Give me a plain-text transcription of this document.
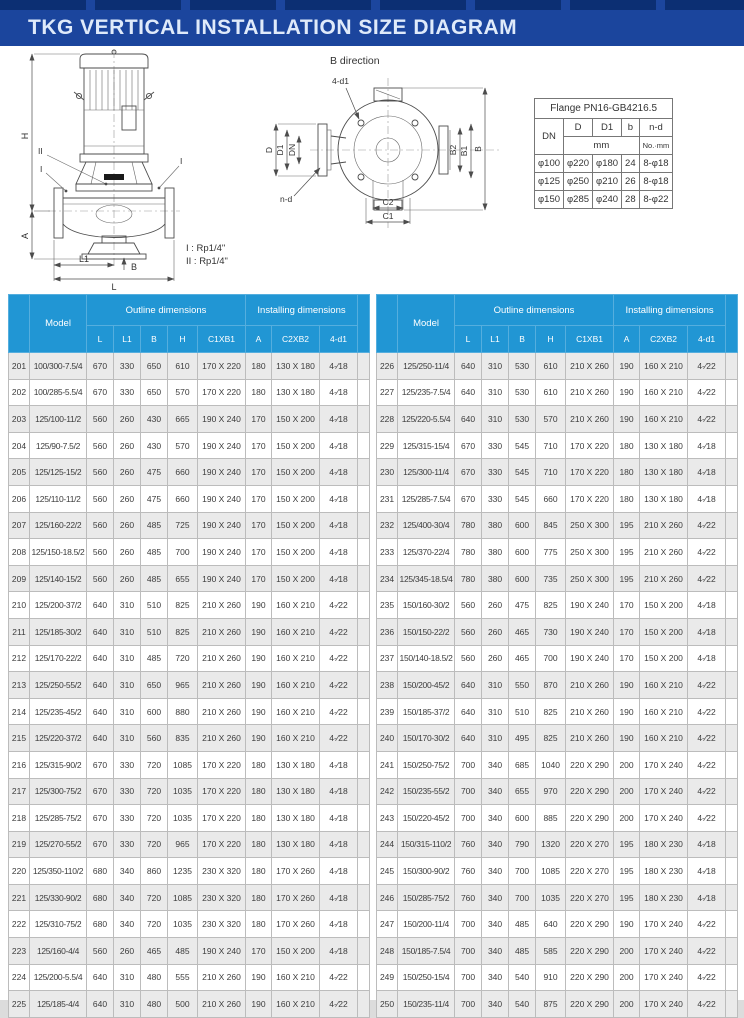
TKG VERTICAL INSTALLATION SIZE DIAGRAM
H
A
L1
L
B
II
I
I
B direction
D D1 DN
4-d1
n-d
B2 B1 B
C2
C1
I : Rp1/4"
II : Rp1/4"
Flange PN16-GB4216.5				
DN	D	D1	b	n-d
	mm			No.·mm
φ100	φ220	φ180	24	8-φ18
φ125	φ250	φ210	26	8-φ18
φ150	φ285	φ240	28	8-φ22
	Model	Outline dimensions					Installing dimensions			
		L	L1	B	H	C1XB1	A	C2XB2	4-d1	
201	100/300-7.5/4	670	330	650	610	170 X 220	180	130 X 180	4-∕18	
202	100/285-5.5/4	670	330	650	570	170 X 220	180	130 X 180	4-∕18	
203	125/100-11/2	560	260	430	665	190 X 240	170	150 X 200	4-∕18	
204	125/90-7.5/2	560	260	430	570	190 X 240	170	150 X 200	4-∕18	
205	125/125-15/2	560	260	475	660	190 X 240	170	150 X 200	4-∕18	
206	125/110-11/2	560	260	475	660	190 X 240	170	150 X 200	4-∕18	
207	125/160-22/2	560	260	485	725	190 X 240	170	150 X 200	4-∕18	
208	125/150-18.5/2	560	260	485	700	190 X 240	170	150 X 200	4-∕18	
209	125/140-15/2	560	260	485	655	190 X 240	170	150 X 200	4-∕18	
210	125/200-37/2	640	310	510	825	210 X 260	190	160 X 210	4-∕22	
211	125/185-30/2	640	310	510	825	210 X 260	190	160 X 210	4-∕22	
212	125/170-22/2	640	310	485	720	210 X 260	190	160 X 210	4-∕22	
213	125/250-55/2	640	310	650	965	210 X 260	190	160 X 210	4-∕22	
214	125/235-45/2	640	310	600	880	210 X 260	190	160 X 210	4-∕22	
215	125/220-37/2	640	310	560	835	210 X 260	190	160 X 210	4-∕22	
216	125/315-90/2	670	330	720	1085	170 X 220	180	130 X 180	4-∕18	
217	125/300-75/2	670	330	720	1035	170 X 220	180	130 X 180	4-∕18	
218	125/285-75/2	670	330	720	1035	170 X 220	180	130 X 180	4-∕18	
219	125/270-55/2	670	330	720	965	170 X 220	180	130 X 180	4-∕18	
220	125/350-110/2	680	340	860	1235	230 X 320	180	170 X 260	4-∕18	
221	125/330-90/2	680	340	720	1085	230 X 320	180	170 X 260	4-∕18	
222	125/310-75/2	680	340	720	1035	230 X 320	180	170 X 260	4-∕18	
223	125/160-4/4	560	260	465	485	190 X 240	170	150 X 200	4-∕18	
224	125/200-5.5/4	640	310	480	555	210 X 260	190	160 X 210	4-∕22	
225	125/185-4/4	640	310	480	500	210 X 260	190	160 X 210	4-∕22	
	Model	Outline dimensions					Installing dimensions			
		L	L1	B	H	C1XB1	A	C2XB2	4-d1	
226	125/250-11/4	640	310	530	610	210 X 260	190	160 X 210	4-∕22	
227	125/235-7.5/4	640	310	530	610	210 X 260	190	160 X 210	4-∕22	
228	125/220-5.5/4	640	310	530	570	210 X 260	190	160 X 210	4-∕22	
229	125/315-15/4	670	330	545	710	170 X 220	180	130 X 180	4-∕18	
230	125/300-11/4	670	330	545	710	170 X 220	180	130 X 180	4-∕18	
231	125/285-7.5/4	670	330	545	660	170 X 220	180	130 X 180	4-∕18	
232	125/400-30/4	780	380	600	845	250 X 300	195	210 X 260	4-∕22	
233	125/370-22/4	780	380	600	775	250 X 300	195	210 X 260	4-∕22	
234	125/345-18.5/4	780	380	600	735	250 X 300	195	210 X 260	4-∕22	
235	150/160-30/2	560	260	475	825	190 X 240	170	150 X 200	4-∕18	
236	150/150-22/2	560	260	465	730	190 X 240	170	150 X 200	4-∕18	
237	150/140-18.5/2	560	260	465	700	190 X 240	170	150 X 200	4-∕18	
238	150/200-45/2	640	310	550	870	210 X 260	190	160 X 210	4-∕22	
239	150/185-37/2	640	310	510	825	210 X 260	190	160 X 210	4-∕22	
240	150/170-30/2	640	310	495	825	210 X 260	190	160 X 210	4-∕22	
241	150/250-75/2	700	340	685	1040	220 X 290	200	170 X 240	4-∕22	
242	150/235-55/2	700	340	655	970	220 X 290	200	170 X 240	4-∕22	
243	150/220-45/2	700	340	600	885	220 X 290	200	170 X 240	4-∕22	
244	150/315-110/2	760	340	790	1320	220 X 270	195	180 X 230	4-∕18	
245	150/300-90/2	760	340	700	1085	220 X 270	195	180 X 230	4-∕18	
246	150/285-75/2	760	340	700	1035	220 X 270	195	180 X 230	4-∕18	
247	150/200-11/4	700	340	485	640	220 X 290	190	170 X 240	4-∕22	
248	150/185-7.5/4	700	340	485	585	220 X 290	200	170 X 240	4-∕22	
249	150/250-15/4	700	340	540	910	220 X 290	200	170 X 240	4-∕22	
250	150/235-11/4	700	340	540	875	220 X 290	200	170 X 240	4-∕22	
